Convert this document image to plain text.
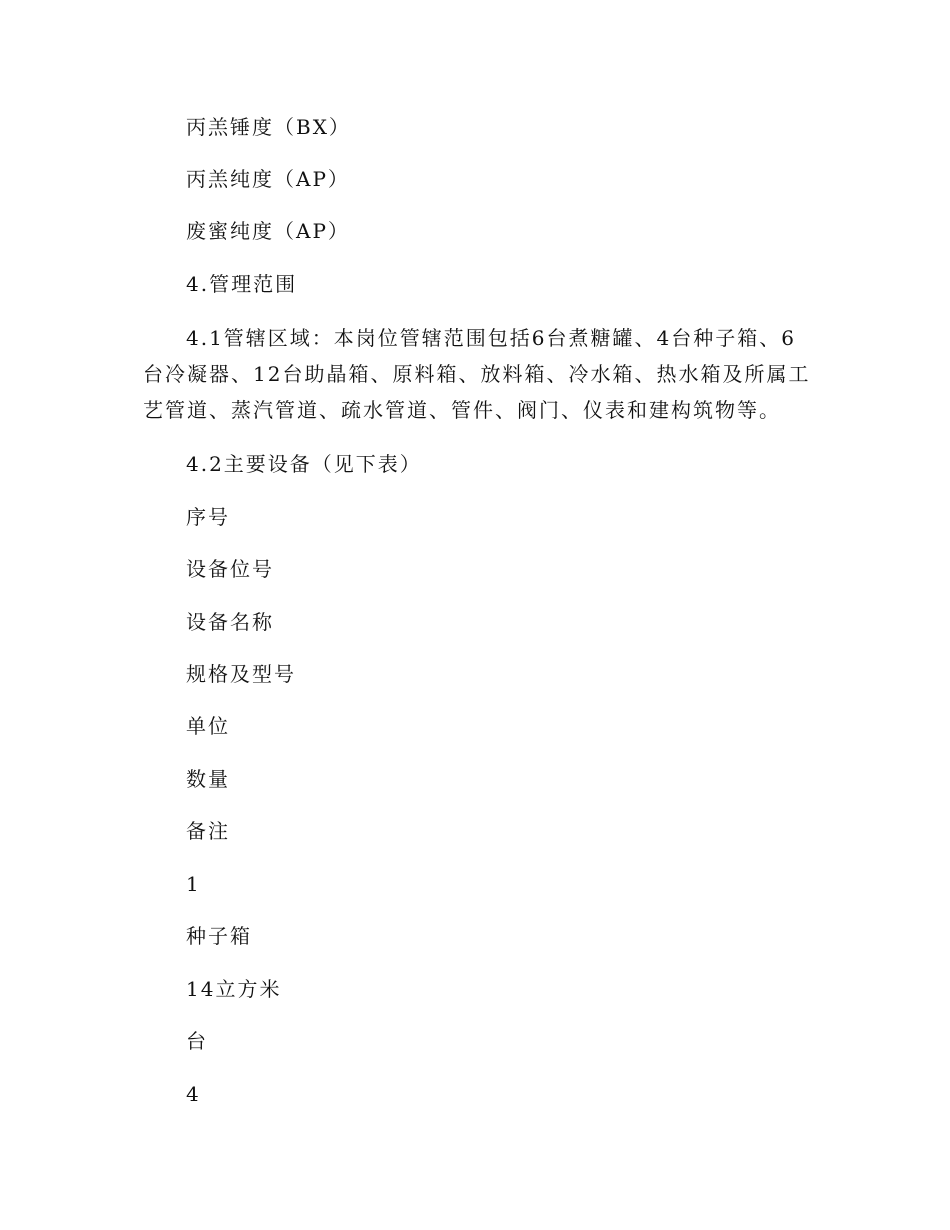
丙羔锤度（BX）
丙羔纯度（AP）
废蜜纯度（AP）
4.管理范围
4.1管辖区域：本岗位管辖范围包括6台煮糖罐、4台种子箱、6台冷凝器、12台助晶箱、原料箱、放料箱、冷水箱、热水箱及所属工艺管道、蒸汽管道、疏水管道、管件、阀门、仪表和建构筑物等。
4.2主要设备（见下表）
序号
设备位号
设备名称
规格及型号
单位
数量
备注
1
种子箱
14立方米
台
4
